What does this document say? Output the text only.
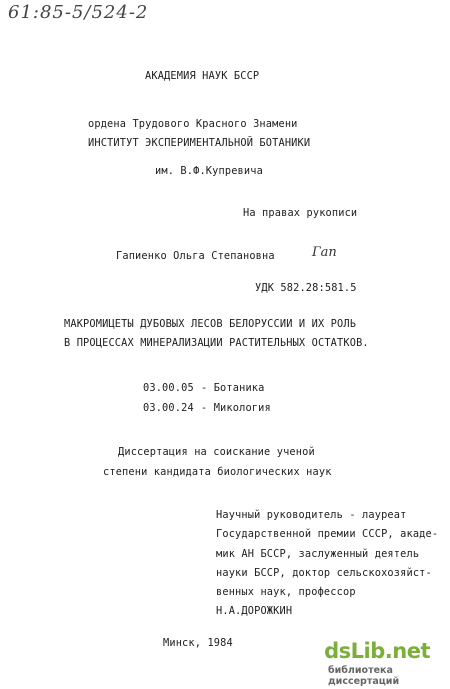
61:85-5/524-2
АКАДЕМИЯ НАУК БССР
ордена Трудового Красного Знамени
ИНСТИТУТ ЭКСПЕРИМЕНТАЛЬНОЙ БОТАНИКИ
им. В.Ф.Купревича
На правах рукописи
Гапиенко Ольга Степановна	Гап
УДК 582.28:581.5
МАКРОМИЦЕТЫ ДУБОВЫХ ЛЕСОВ БЕЛОРУССИИ И ИХ РОЛЬ
В ПРОЦЕССАХ МИНЕРАЛИЗАЦИИ РАСТИТЕЛЬНЫХ ОСТАТКОВ.
03.00.05 - Ботаника
03.00.24 - Микология
Диссертация на соискание ученой
степени кандидата биологических наук
Научный руководитель - лауреат
Государственной премии СССР, акаде-
мик АН БССР, заслуженный деятель
науки БССР, доктор сельскохозяйст-
венных наук, профессор
Н.А.ДОРОЖКИН
Минск, 1984	dsLib.net
библиотека диссертаций
